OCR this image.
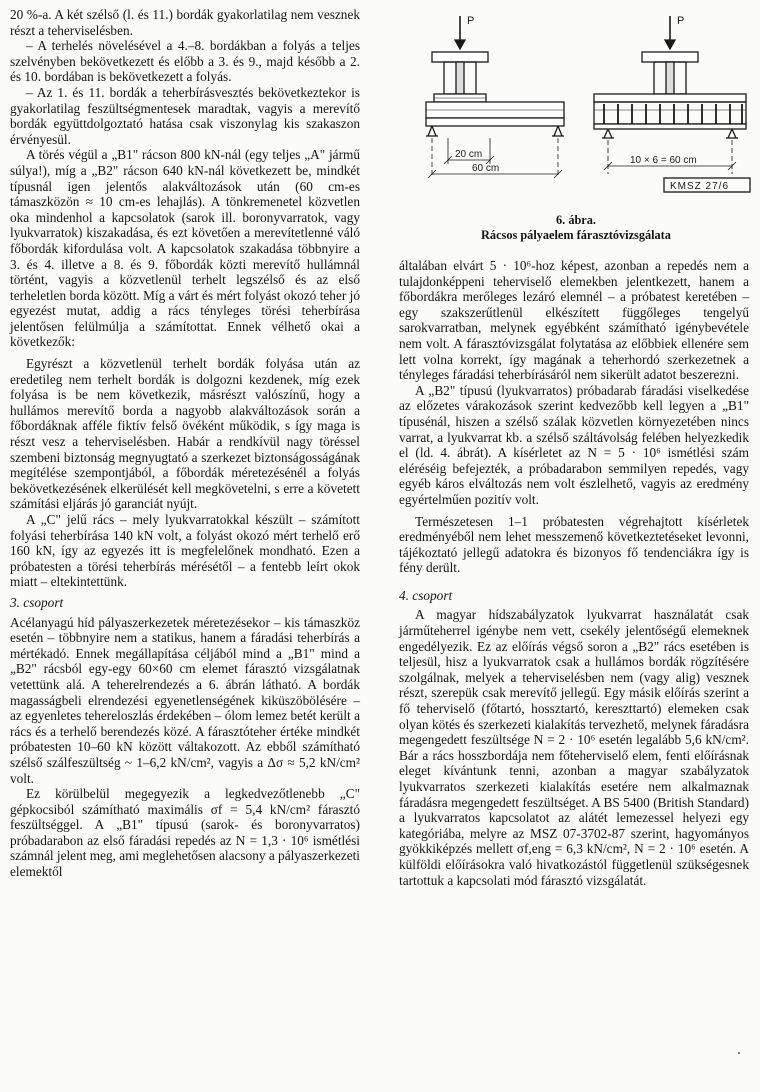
20 %-a. A két szélső (l. és 11.) bordák gyakorlatilag nem vesznek részt a teherviselésben.

– A terhelés növelésével a 4.–8. bordákban a folyás a teljes szelvényben bekövetkezett és előbb a 3. és 9., majd később a 2. és 10. bordában is bekövetkezett a folyás.

– Az 1. és 11. bordák a teherbírásvesztés bekövetkeztekor is gyakorlatilag feszültségmentesek maradtak, vagyis a merevítő bordák együttdolgoztató hatása csak viszonylag kis szakaszon érvényesül.

A törés végül a „B1" rácson 800 kN-nál (egy teljes „A" jármű súlya!), míg a „B2" rácson 640 kN-nál következett be, mindkét típusnál igen jelentős alakváltozások után (60 cm-es támaszközön ≈ 10 cm-es lehajlás). A tönkremenetel közvetlen oka mindenhol a kapcsolatok (sarok ill. boronyvarratok, vagy lyukvarratok) kiszakadása, és ezt követően a merevítetlenné váló főbordák kifordulása volt. A kapcsolatok szakadása többnyire a 3. és 4. illetve a 8. és 9. főbordák közti merevítő hullámnál történt, vagyis a közvetlenül terhelt legszélső és az első terheletlen borda között. Míg a várt és mért folyást okozó teher jó egyezést mutat, addig a rács tényleges törési teherbírása jelentősen felülmúlja a számítottat. Ennek vélhető okai a következők:

Egyrészt a közvetlenül terhelt bordák folyása után az eredetileg nem terhelt bordák is dolgozni kezdenek, míg ezek folyása is be nem következik, másrészt valószínű, hogy a hullámos merevítő borda a nagyobb alakváltozások során a főbordáknak afféle fiktív felső övéként működik, s így maga is részt vesz a teherviselésben. Habár a rendkívül nagy töréssel szembeni biztonság megnyugtató a szerkezet biztonságosságának megítélése szempontjából, a főbordák méretezésénél a folyás bekövetkezésének elkerülését kell megkövetelni, s erre a követett számítási eljárás jó garanciát nyújt.

A „C" jelű rács – mely lyukvarratokkal készült – számított folyási teherbírása 140 kN volt, a folyást okozó mért terhelő erő 160 kN, így az egyezés itt is megfelelőnek mondható. Ezen a próbatesten a törési teherbírás mérésétől – a fentebb leírt okok miatt – eltekintettünk.

3. csoport

Acélanyagú híd pályaszerkezetek méretezésekor – kis támaszköz esetén – többnyire nem a statikus, hanem a fáradási teherbírás a mértékadó. Ennek megállapítása céljából mind a „B1" mind a „B2" rácsból egy-egy 60×60 cm elemet fárasztó vizsgálatnak vetettünk alá. A teherelrendezés a 6. ábrán látható. A bordák magasságbeli elrendezési egyenetlenségének kiküszöbölésére – az egyenletes tehereloszlás érdekében – ólom lemez betét került a rács és a terhelő berendezés közé. A fárasztóteher értéke mindkét próbatesten 10–60 kN között váltakozott. Az ebből számítható szélső szálfeszültség ~ 1–6,2 kN/cm², vagyis a Δσ ≈ 5,2 kN/cm² volt.

Ez körülbelül megegyezik a legkedvezőtlenebb „C" gépkocsiból számítható maximális σf = 5,4 kN/cm² fárasztó feszültséggel. A „B1" típusú (sarok- és boronyvarratos) próbadarabon az első fáradási repedés az N = 1,3 · 10⁶ ismétlési számnál jelent meg, ami meglehetősen alacsony a pályaszerkezeti elemektől

P	P
20 cm
60 cm
10 × 6 = 60 cm
KMSZ 27/6
6. ábra.
Rácsos pályaelem fárasztóvizsgálata

általában elvárt 5 · 10⁶-hoz képest, azonban a repedés nem a tulajdonképpeni teherviselő elemekben jelentkezett, hanem a főbordákra merőleges lezáró elemnél – a próbatest keretében – egy szakszerűtlenül elkészített függőleges tengelyű sarokvarratban, melynek egyébként számítható igénybevétele nem volt. A fárasztóvizsgálat folytatása az előbbiek ellenére sem lett volna korrekt, így magának a teherhordó szerkezetnek a tényleges fáradási teherbírásáról nem sikerült adatot beszerezni.

A „B2" típusú (lyukvarratos) próbadarab fáradási viselkedése az előzetes várakozások szerint kedvezőbb kell legyen a „B1" típusénál, hiszen a szélső szálak közvetlen környezetében nincs varrat, a lyukvarrat kb. a szélső száltávolság felében helyezkedik el (ld. 4. ábrát). A kísérletet az N = 5 · 10⁶ ismétlési szám eléréséig befejezték, a próbadarabon semmilyen repedés, vagy egyéb káros elváltozás nem volt észlelhető, vagyis az eredmény egyértelműen pozitív volt.

Természetesen 1–1 próbatesten végrehajtott kísérletek eredményéből nem lehet messzemenő következtetéseket levonni, tájékoztató jellegű adatokra és bizonyos fő tendenciákra így is fény derült.

4. csoport

A magyar hídszabályzatok lyukvarrat használatát csak járműteherrel igénybe nem vett, csekély jelentőségű elemeknek engedélyezik. Ez az előírás végső soron a „B2" rács esetében is teljesül, hisz a lyukvarratok csak a hullámos bordák rögzítésére szolgálnak, melyek a teherviselésben nem (vagy alig) vesznek részt, szerepük csak merevítő jellegű. Egy másik előírás szerint a fő teherviselő (főtartó, hossztartó, kereszttartó) elemeken csak olyan kötés és szerkezeti kialakítás tervezhető, melynek fáradásra megengedett feszültsége N = 2 · 10⁶ esetén legalább 5,6 kN/cm². Bár a rács hosszbordája nem főteherviselő elem, fenti előírásnak eleget kívántunk tenni, azonban a magyar szabályzatok lyukvarratos szerkezeti kialakítás esetére nem alkalmaznak fáradásra megengedett feszültséget. A BS 5400 (British Standard) a lyukvarratos kapcsolatot az alátét lemezessel helyezi egy kategóriába, melyre az MSZ 07-3702-87 szerint, hagyományos gyökkiképzés mellett σf,eng = 6,3 kN/cm², N = 2 · 10⁶ esetén. A külföldi előírásokra való hivatkozástól függetlenül szükségesnek tartottuk a kapcsolati mód fárasztó vizsgálatát.
